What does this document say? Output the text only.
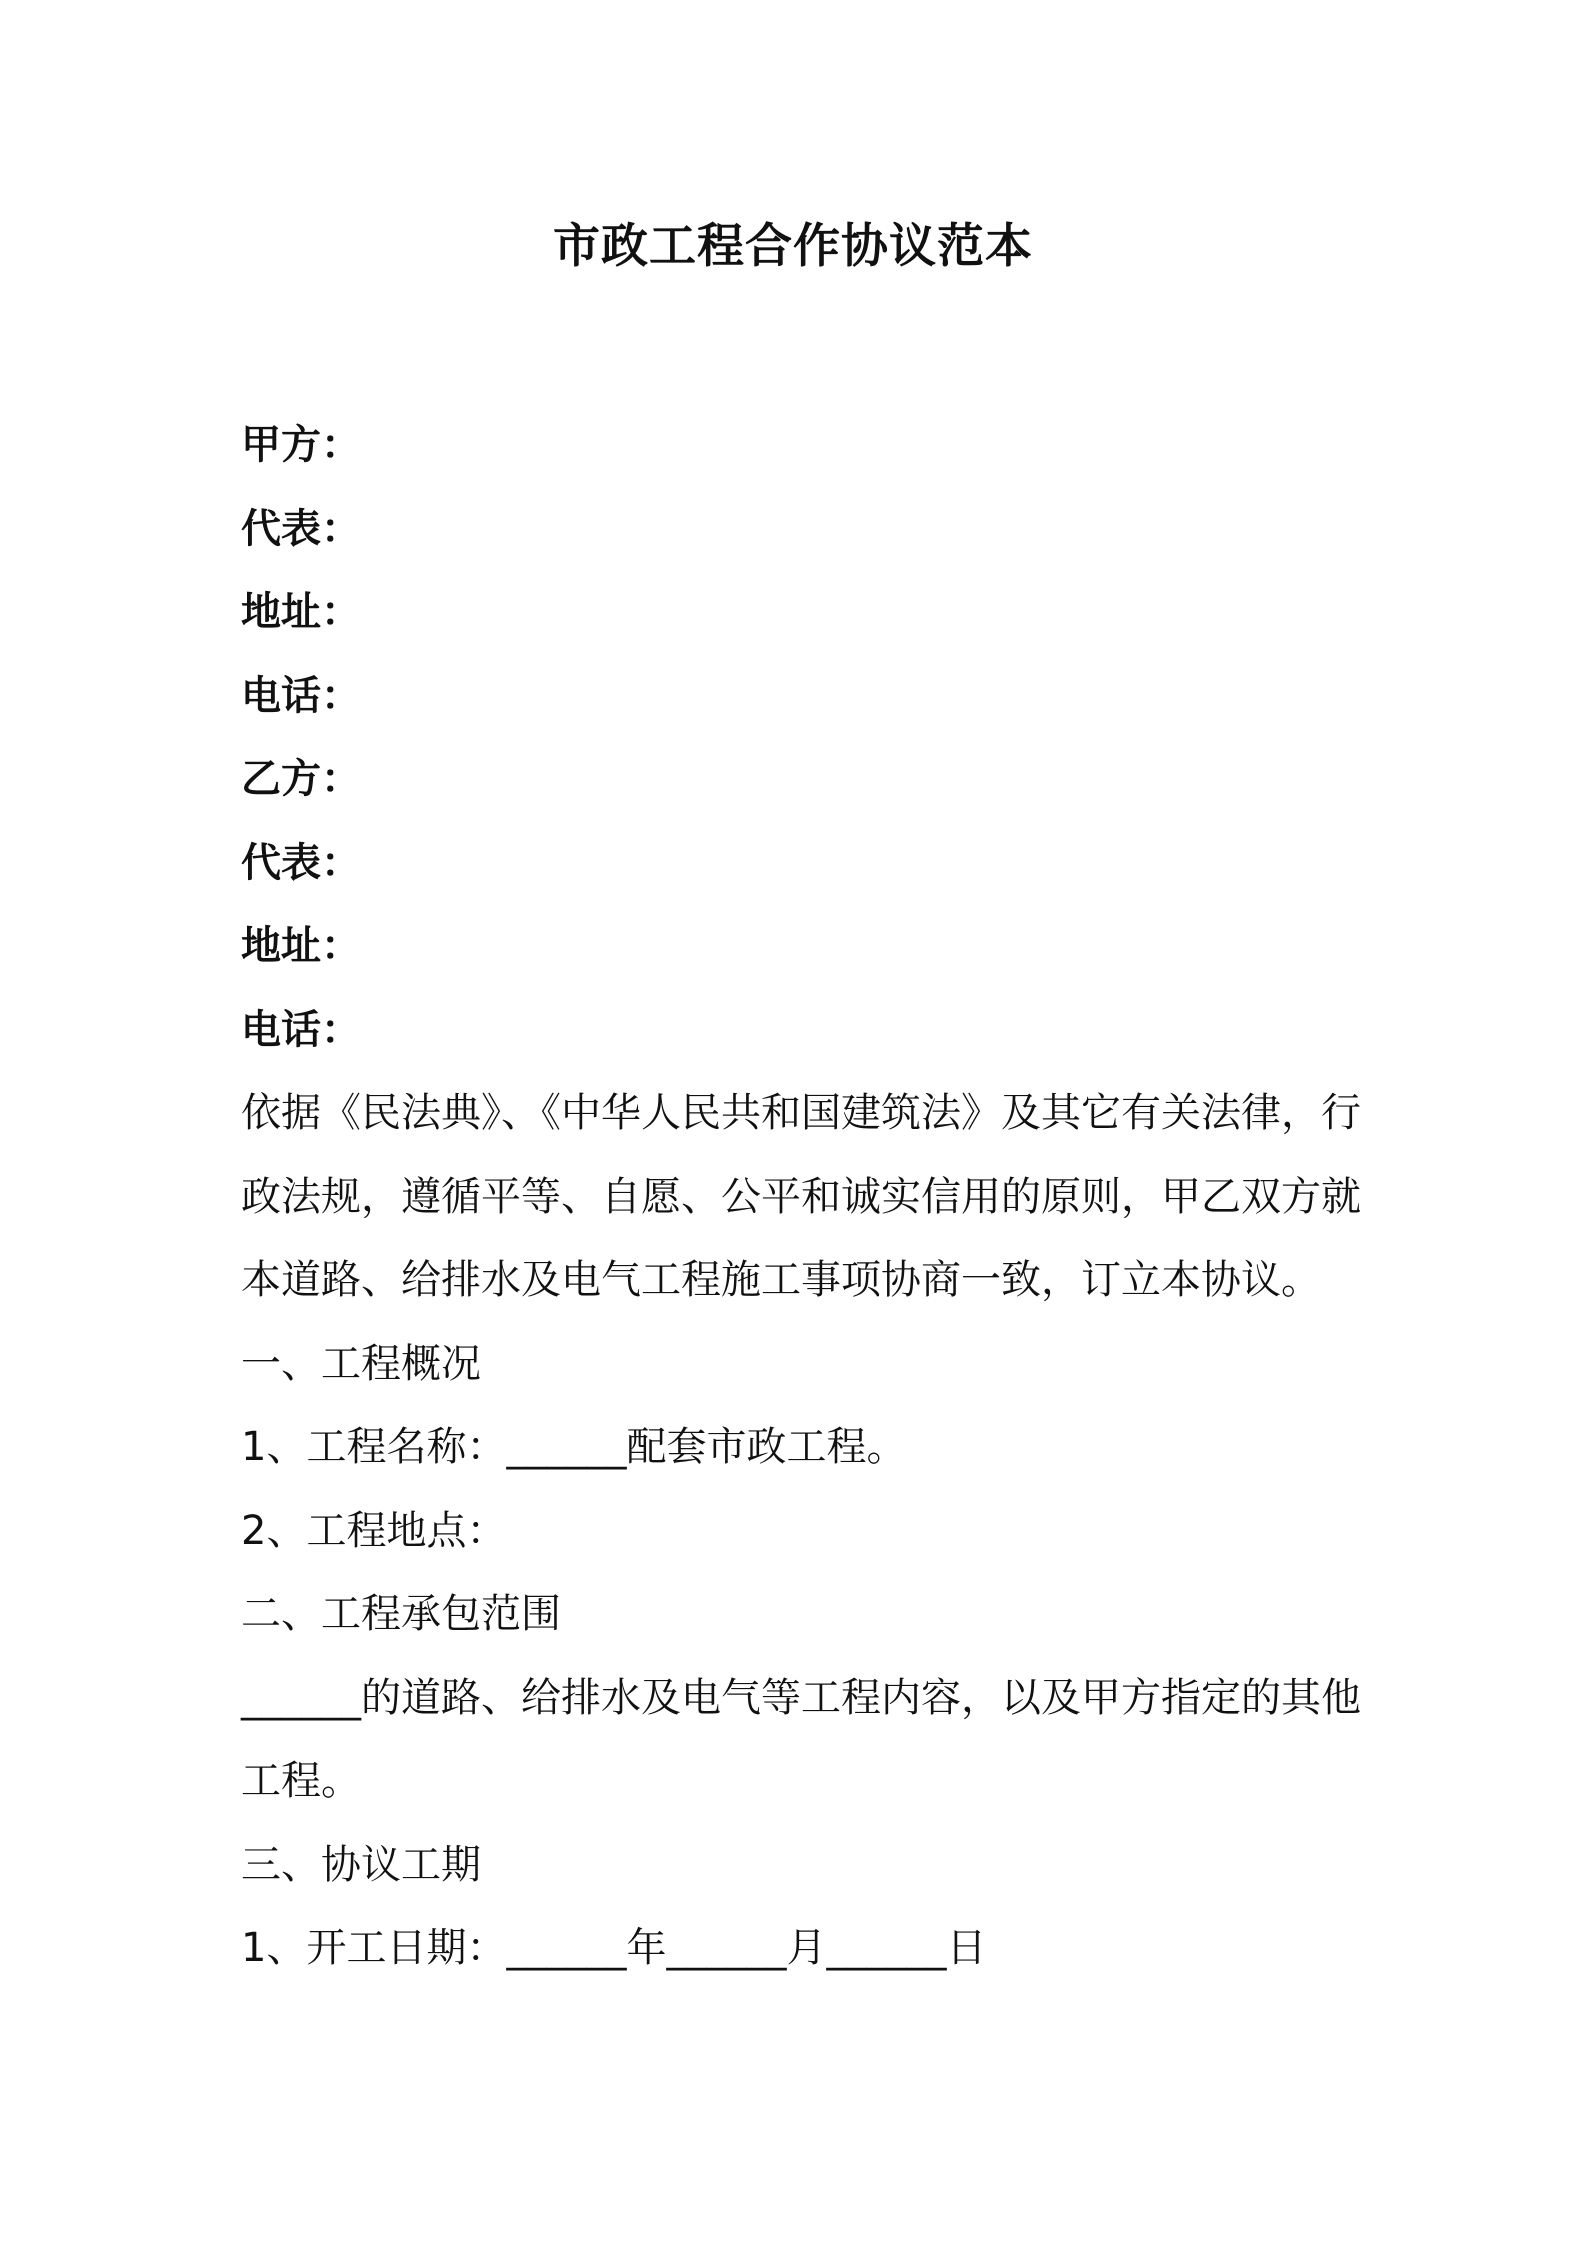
市政工程合作协议范本
甲方：
代表：
地址：
电话：
乙方：
代表：
地址：
电话：
依据《民法典》、《中华人民共和国建筑法》及其它有关法律，行政法规，遵循平等、自愿、公平和诚实信用的原则，甲乙双方就本道路、给排水及电气工程施工事项协商一致，订立本协议。
一、工程概况
1、工程名称：______配套市政工程。
2、工程地点：
二、工程承包范围
______的道路、给排水及电气等工程内容，以及甲方指定的其他工程。
三、协议工期
1、开工日期：______年______月______日
